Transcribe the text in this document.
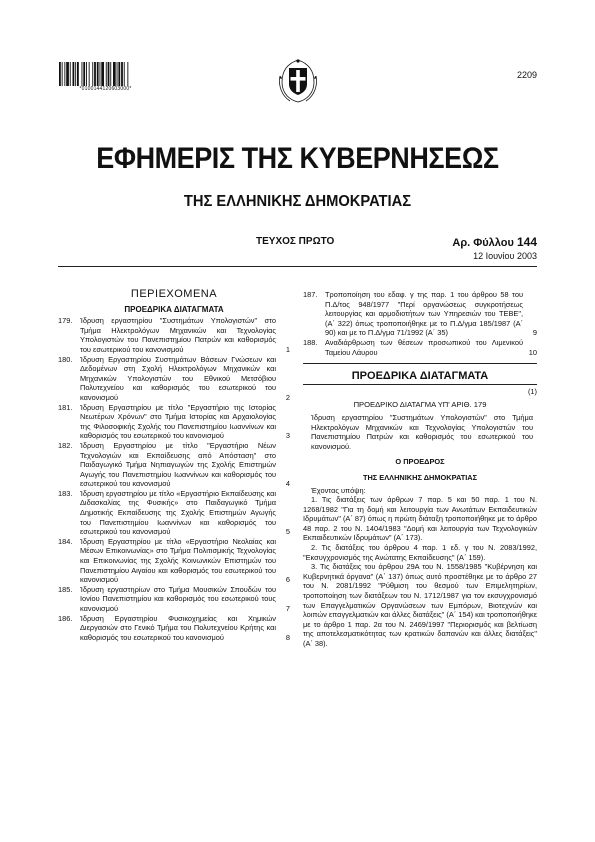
*0100144120603000*
2209
ΕΦΗΜΕΡΙΣ ΤΗΣ ΚΥΒΕΡΝΗΣΕΩΣ
ΤΗΣ ΕΛΛΗΝΙΚΗΣ ΔΗΜΟΚΡΑΤΙΑΣ
ΤΕΥΧΟΣ ΠΡΩΤΟ	Αρ. Φύλλου 144
12 Ιουνίου 2003
ΠΕΡΙΕΧΟΜΕΝΑ
ΠΡΟΕΔΡΙΚΑ ΔΙΑΤΑΓΜΑΤΑ
179.	Ίδρυση εργαστηρίου "Συστημάτων Υπολογιστών" στο Τμήμα Ηλεκτρολόγων Μηχανικών και Τεχνολογίας Υπολογιστών του Πανεπιστημίου Πατρών και καθορισμός του εσωτερικού του κανονισμού	1
180.	Ίδρυση Εργαστηρίου Συστημάτων Βάσεων Γνώσεων και Δεδομένων στη Σχολή Ηλεκτρολόγων Μηχανικών και Μηχανικών Υπολογιστών του Εθνικού Μετσόβιου Πολυτεχνείου και καθορισμός του εσωτερικού του κανονισμού	2
181.	Ίδρυση Εργαστηρίου με τίτλο "Εργαστήριο της Ιστορίας Νεωτέρων Χρόνων" στο Τμήμα Ιστορίας και Αρχαιολογίας της Φιλοσοφικής Σχολής του Πανεπιστημίου Ιωαννίνων και καθορισμός του εσωτερικού του κανονισμού	3
182.	Ίδρυση Εργαστηρίου με τίτλο "Εργαστήριο Νέων Τεχνολογιών και Εκπαίδευσης από Απόσταση" στο Παιδαγωγικό Τμήμα Νηπιαγωγών της Σχολής Επιστημών Αγωγής του Πανεπιστημίου Ιωαννίνων και καθορισμός του εσωτερικού του κανονισμού	4
183.	Ίδρυση εργαστηρίου με τίτλο «Εργαστήριο Εκπαίδευσης και Διδασκαλίας της Φυσικής» στο Παιδαγωγικό Τμήμα Δημοτικής Εκπαίδευσης της Σχολής Επιστημών Αγωγής του Πανεπιστημίου Ιωαννίνων και καθορισμός του εσωτερικού του κανονισμού	5
184.	Ίδρυση Εργαστηρίου με τίτλο «Εργαστήριο Νεολαίας και Μέσων Επικοινωνίας» στο Τμήμα Πολιτισμικής Τεχνολογίας και Επικοινωνίας της Σχολής Κοινωνικών Επιστημών του Πανεπιστημίου Αιγαίου και καθορισμός του εσωτερικού του κανονισμού	6
185.	Ίδρυση εργαστηρίων στο Τμήμα Μουσικών Σπουδών του Ιονίου Πανεπιστημίου και καθορισμός του εσωτερικού τους κανονισμού	7
186.	Ίδρυση Εργαστηρίου Φυσικοχημείας και Χημικών Διεργασιών στο Γενικό Τμήμα του Πολυτεχνείου Κρήτης και καθορισμός του εσωτερικού του κανονισμού	8
187.	Τροποποίηση του εδαφ. γ της παρ. 1 του άρθρου 58 του Π.Δ/τος 948/1977 "Περί οργανώσεως συγκροτήσεως λειτουργίας και αρμοδιοτήτων των Υπηρεσιών του ΤΕΒΕ", (Α΄ 322) όπως τροποποιήθηκε με το Π.Δ/γμα 185/1987 (Α΄ 90) και με το Π.Δ/γμα 71/1992 (Α΄ 35)	9
188.	Αναδιάρθρωση των θέσεων προσωπικού του Λιμενικού Ταμείου Λάυρου	10
ΠΡΟΕΔΡΙΚΑ ΔΙΑΤΑΓΜΑΤΑ
(1)
ΠΡΟΕΔΡΙΚΟ ΔΙΑΤΑΓΜΑ ΥΠ' ΑΡΙΘ. 179
Ίδρυση εργαστηρίου "Συστημάτων Υπολογιστών" στο Τμήμα Ηλεκτρολόγων Μηχανικών και Τεχνολογίας Υπολογιστών του Πανεπιστημίου Πατρών και καθορισμός του εσωτερικού του κανονισμού.
Ο ΠΡΟΕΔΡΟΣ
ΤΗΣ ΕΛΛΗΝΙΚΗΣ ΔΗΜΟΚΡΑΤΙΑΣ
Έχοντας υπόψη:
1. Τις διατάξεις των άρθρων 7 παρ. 5 και 50 παρ. 1 του Ν. 1268/1982 "Για τη δομή και λειτουργία των Ανωτάτων Εκπαιδευτικών Ιδρυμάτων" (Α΄ 87) όπως η πρώτη διάταξη τροποποιήθηκε με το άρθρο 48 παρ. 2 του Ν. 1404/1983 "Δομή και λειτουργία των Τεχνολογικών Εκπαιδευτικών Ιδρυμάτων" (Α΄ 173).
2. Τις διατάξεις του άρθρου 4 παρ. 1 εδ. γ του Ν. 2083/1992, "Εκσυγχρονισμός της Ανώτατης Εκπαίδευσης" (Α΄ 159).
3. Τις διατάξεις του άρθρου 29Α του Ν. 1558/1985 "Κυβέρνηση και Κυβερνητικά όργανα" (Α΄ 137) όπως αυτό προστέθηκε με το άρθρο 27 του Ν. 2081/1992 "Ρύθμιση του θεσμού των Επιμελητηρίων, τροποποίηση των διατάξεων του Ν. 1712/1987 για τον εκσυγχρονισμό των Επαγγελματικών Οργανώσεων των Εμπόρων, Βιοτεχνών και λοιπών επαγγελματιών και άλλες διατάξεις" (Α΄ 154) και τροποποιήθηκε με το άρθρο 1 παρ. 2α του Ν. 2469/1997 "Περιορισμός και βελτίωση της αποτελεσματικότητας των κρατικών δαπανών και άλλες διατάξεις" (Α΄ 38).
